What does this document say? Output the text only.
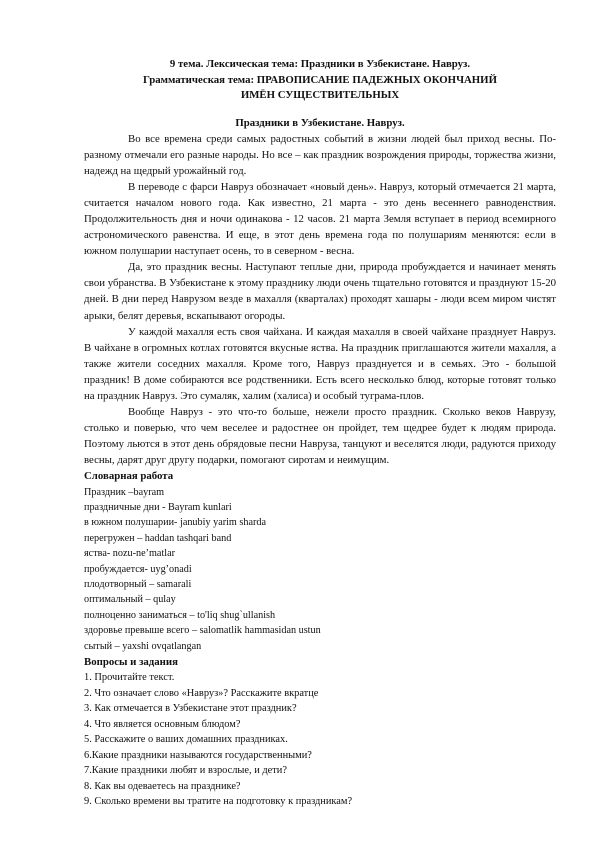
9 тема. Лексическая тема: Праздники в Узбекистане. Навруз.

Грамматическая тема: ПРАВОПИСАНИЕ ПАДЕЖНЫХ ОКОНЧАНИЙ

ИМЁН СУЩЕСТВИТЕЛЬНЫХ

Праздники в Узбекистане. Навруз.

Во все времена среди самых радостных событий в жизни людей был приход весны. По-разному отмечали его разные народы. Но все – как праздник возрождения природы, торжества жизни, надежд на щедрый урожайный год.

В переводе с фарси Навруз обозначает «новый день». Навруз, который отмечается 21 марта, считается началом нового года. Как известно, 21 марта - это день весеннего равноденствия. Продолжительность дня и ночи одинакова - 12 часов. 21 марта Земля вступает в период всемирного астрономического равенства. И еще, в этот день времена года по полушариям меняются: если в южном полушарии наступает осень, то в северном - весна.

Да, это праздник весны. Наступают теплые дни, природа пробуждается и начинает менять свои убранства. В Узбекистане к этому празднику люди очень тщательно готовятся и празднуют 15-20 дней. В дни перед Наврузом везде в махалля (кварталах) проходят хашары - люди всем миром чистят арыки, белят деревья, вскапывают огороды.

У каждой махалля есть своя чайхана. И каждая махалля в своей чайхане празднует Навруз. В чайхане в огромных котлах готовятся вкусные яства. На праздник приглашаются жители махалля, а также жители соседних махалля. Кроме того, Навруз празднуется и в семьях. Это - большой праздник! В доме собираются все родственники. Есть всего несколько блюд, которые готовят только на праздник Навруз. Это сумаляк, халим (халиса) и особый туграма-плов.

Вообще Навруз - это что-то больше, нежели просто праздник. Сколько веков Наврузу, столько и поверью, что чем веселее и радостнее он пройдет, тем щедрее будет к людям природа. Поэтому льются в этот день обрядовые песни Навруза, танцуют и веселятся люди, радуются приходу весны, дарят друг другу подарки, помогают сиротам и неимущим.

Словарная работа

Праздник –bayram

праздничные дни - Bayram kunlari

в южном полушарии- janubiy yarim sharda

перегружен – haddan tashqari band

яства- nozu-ne’matlar

пробуждается- uyg’onadi

плодотворный – samarali

оптимальный – qulay

полноценно заниматься – to'liq shug`ullanish

здоровье превыше всего – salomatlik hammasidan ustun

сытый – yaxshi ovqatlangan

Вопросы и задания

1. Прочитайте текст.

2. Что означает слово «Навруз»? Расскажите вкратце

3. Как отмечается в Узбекистане этот праздник?

4. Что является основным блюдом?

5. Расскажите о ваших домашних праздниках.

6.Какие праздники называются государственными?

7.Какие праздники любят и взрослые, и дети?

8. Как вы одеваетесь на празднике?

9. Сколько времени вы тратите на подготовку к праздникам?
